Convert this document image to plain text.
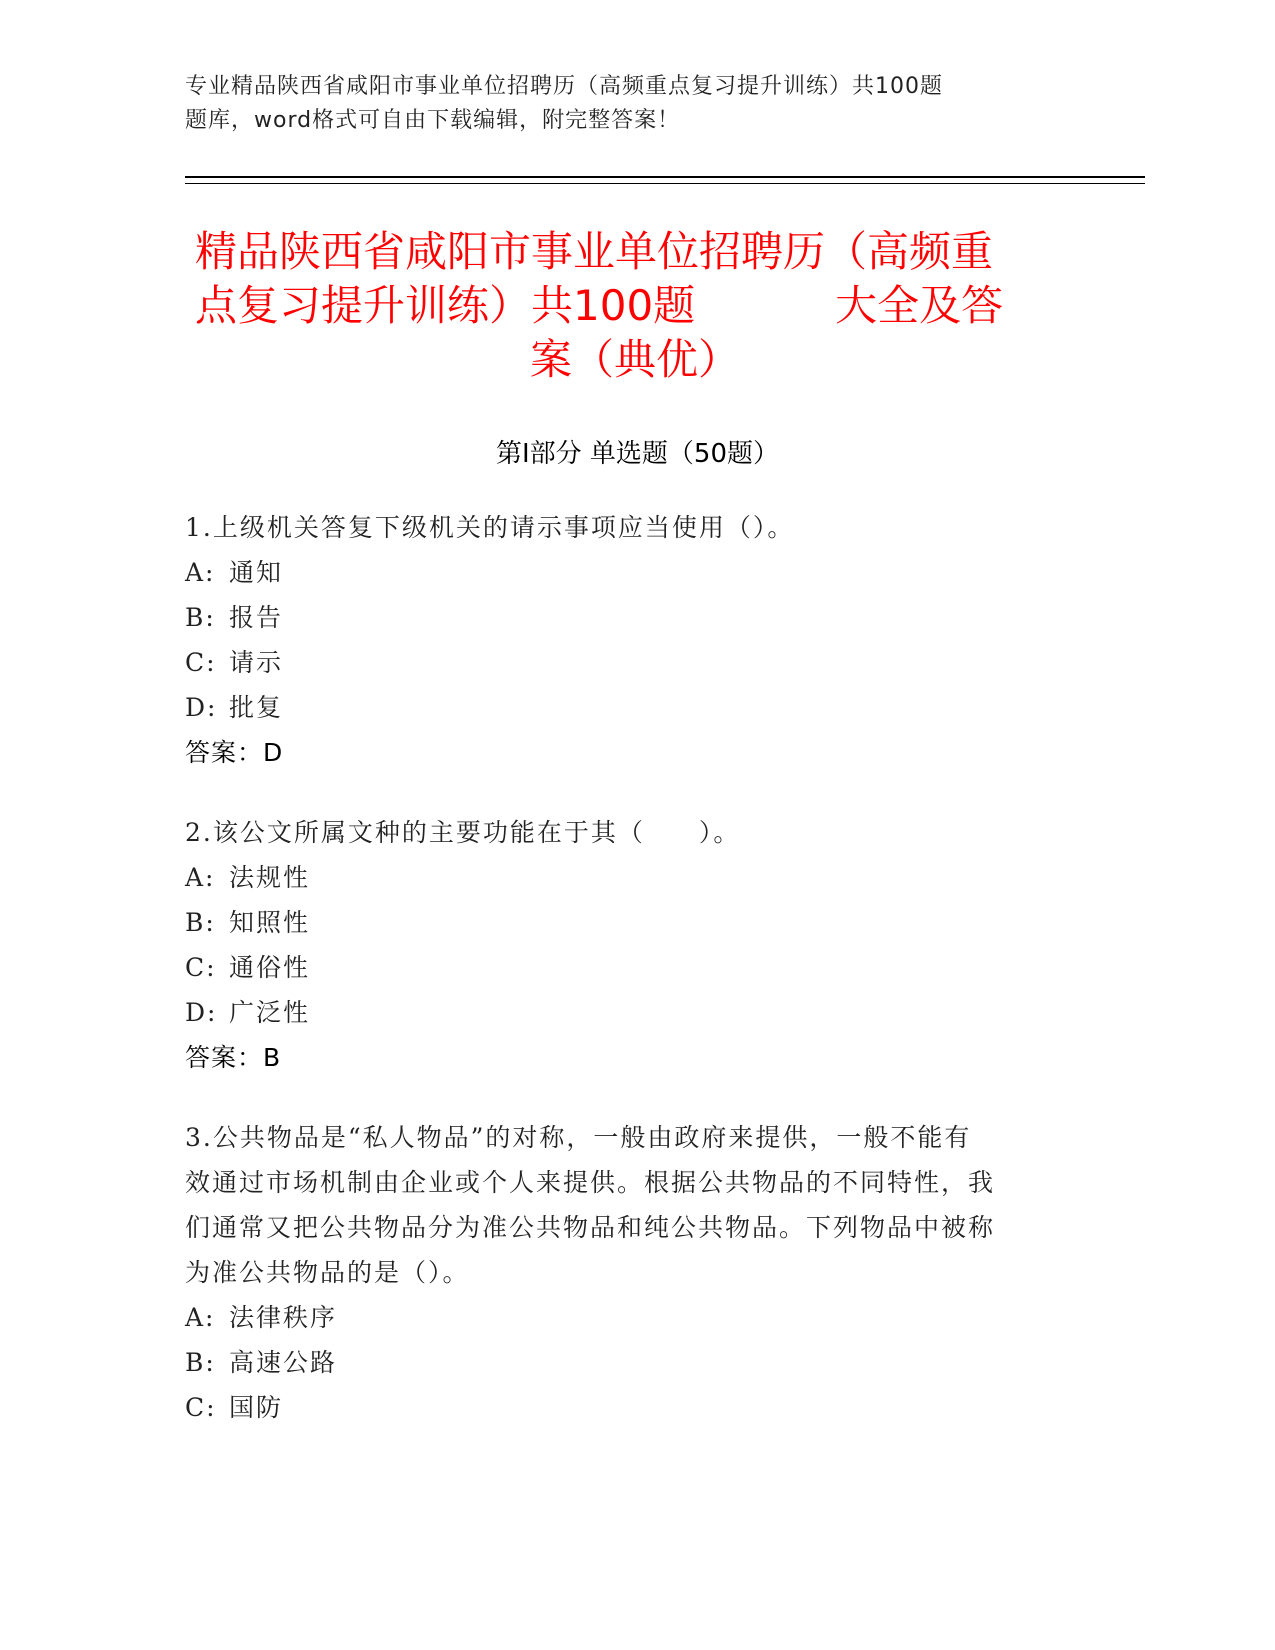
专业精品陕西省咸阳市事业单位招聘历（高频重点复习提升训练）共100题
题库，word格式可自由下载编辑，附完整答案！
精品陕西省咸阳市事业单位招聘历（高频重
点复习提升训练）共100题	大全及答
案（典优）
第Ⅰ部分 单选题（50题）
1.上级机关答复下级机关的请示事项应当使用（）。
A: 通知
B: 报告
C: 请示
D: 批复
答案：D
2.该公文所属文种的主要功能在于其（　　）。
A: 法规性
B: 知照性
C: 通俗性
D: 广泛性
答案：B
3.公共物品是“私人物品”的对称，一般由政府来提供，一般不能有
效通过市场机制由企业或个人来提供。根据公共物品的不同特性，我
们通常又把公共物品分为准公共物品和纯公共物品。下列物品中被称
为准公共物品的是（）。
A: 法律秩序
B: 高速公路
C: 国防
